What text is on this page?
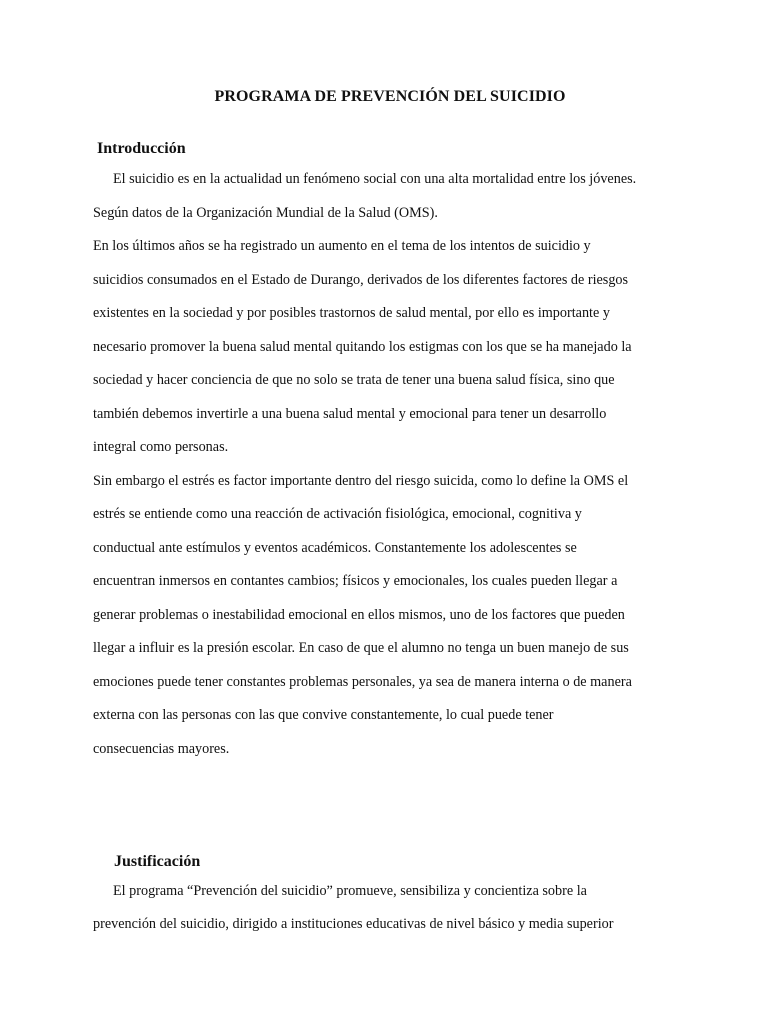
PROGRAMA DE PREVENCIÓN DEL SUICIDIO
Introducción
El suicidio es en la actualidad un fenómeno social con una alta mortalidad entre los jóvenes.
Según datos de la Organización Mundial de la Salud (OMS).
En los últimos años se ha registrado un aumento en el tema de los intentos de suicidio y
suicidios consumados en el Estado de Durango, derivados de los diferentes factores de riesgos
existentes en la sociedad y por posibles trastornos de salud mental, por ello es importante y
necesario promover la buena salud mental quitando los estigmas con los que se ha manejado la
sociedad y hacer conciencia de que no solo se trata de tener una buena salud física, sino que
también debemos invertirle a una buena salud mental y emocional para tener un desarrollo
integral como personas.
Sin embargo el estrés es factor importante dentro del riesgo suicida, como lo define la OMS el
estrés se entiende como una reacción de activación fisiológica, emocional, cognitiva y
conductual ante estímulos y eventos académicos. Constantemente los adolescentes se
encuentran inmersos en contantes cambios; físicos y emocionales, los cuales pueden llegar a
generar problemas o inestabilidad emocional en ellos mismos, uno de los factores que pueden
llegar a influir es la presión escolar. En caso de que el alumno no tenga un buen manejo de sus
emociones puede tener constantes problemas personales, ya sea de manera interna o de manera
externa con las personas con las que convive constantemente, lo cual puede tener
consecuencias mayores.
Justificación
El programa “Prevención del suicidio” promueve, sensibiliza y concientiza sobre la
prevención del suicidio, dirigido a instituciones educativas de nivel básico y media superior
